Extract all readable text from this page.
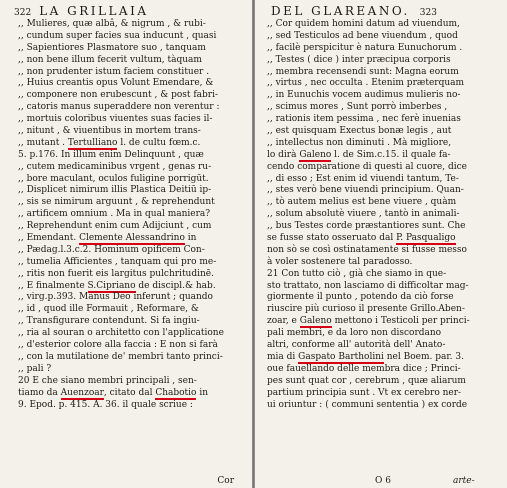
322 LA GRILLAIA
,, Mulieres, quæ albâ, & nigrum , & rubi-
,, cundum super facies sua inducunt , quasi
,, Sapientiores Plasmatore suo , tanquam
,, non bene illum fecerit vultum, tàquam
,, non prudenter istum faciem constituer .
,, Huius creantis opus Volunt Emendare, &
,, componere non erubescunt , & post fabri-
,, catoris manus superaddere non verentur :
,, mortuis coloribus viuentes suas facies il-
,, nitunt , & viuentibus in mortem trans-
,, mutant . Tertulliano l. de cultu fœm.c.
5. p.176. In illum enim Delinquunt , quæ
,, cutem medicaminibus vrgent , genas ru-
,, bore maculant, oculos fuligine porrigūt.
,, Displicet nimirum illis Plastica Deitiū ip-
,, sis se nimirum arguunt , & reprehendunt
,, artificem omnium . Ma in qual maniera?
,, Reprehendunt enim cum Adijciunt , cum
,, Emendant. Clemente Alessandrino in
,, Pædag.l.3.c.2. Hominum opificem Con-
,, tumelia Afficientes , tanquam qui pro me-
,, ritis non fuerit eis largitus pulchritudinē.
,, E finalmente S.Cipriano de discipl.& hab.
,, virg.p.393. Manus Deo inferunt ; quando
,, id , quod ille Formauit , Reformare, &
,, Transfigurare contendunt. Si fa ingiu-
,, ria al souran o architetto con l'applicatione
,, d'esterior colore alla faccia : E non si farà
,, con la mutilatione de' membri tanto princi-
,, pali ?
20 E che siano membri principali , sen-
tiamo da Auenzoar, citato dal Chabotio in
9. Epod. p. 415. A. 36. il quale scriue :
Cor
DEL GLAREANO. 323
,, Cor quidem homini datum ad viuendum,
,, sed Testiculos ad bene viuendum , quod
,, facilè perspicitur è natura Eunuchorum .
,, Testes ( dice ) inter præcipua corporis
,, membra recensendi sunt: Magna eorum
,, virtus , nec occulta . Etenim præterquam
,, in Eunuchis vocem audimus mulieris no-
,, scimus mores , Sunt porrò imberbes ,
,, rationis item pessima , nec ferè inuenias
,, est quisquam Exectus bonæ legis , aut
,, intellectus non diminuti . Mà migliore,
lo dirà Galeno l. de Sim.c.15. il quale fa-
cendo comparatione di questi al cuore, dice
,, di esso ; Est enim id viuendi tantum, Te-
,, stes verò bene viuendi principium. Quan-
,, tò autem melius est bene viuere , quàm
,, solum absolutè viuere , tantò in animali-
,, bus Testes corde præstantiores sunt. Che
se fusse stato osseruato dal P. Pasqualigo
non sò se così ostinatamente si fusse messo
à voler sostenere tal paradosso.
21 Con tutto ciò , già che siamo in que-
sto trattato, non lasciamo di difficoltar mag-
giormente il punto , potendo da ciò forse
riuscire più curioso il presente Grillo.Aben-
zoar, e Galeno mettono i Testicoli per princi-
pali membri, e da loro non discordano
altri, conforme all' autorità dell' Anato-
mia di Gaspato Bartholini nel Boem. par. 3.
oue fauellando delle membra dice ; Princi-
pes sunt quat cor , cerebrum , quæ aliarum
partium principia sunt . Vt ex cerebro ner-
ui oriuntur : ( communi sententia ) ex corde
O 6	arte-
